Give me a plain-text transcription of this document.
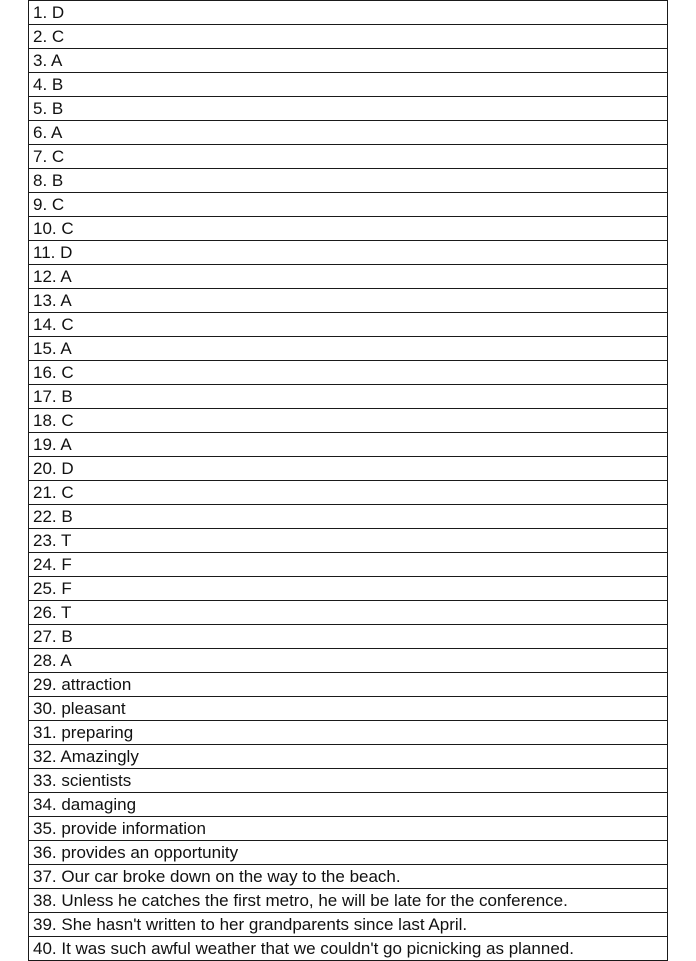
1. D
2. C
3. A
4. B
5. B
6. A
7. C
8. B
9. C
10. C
11. D
12. A
13. A
14. C
15. A
16. C
17. B
18. C
19. A
20. D
21. C
22. B
23. T
24. F
25. F
26. T
27. B
28. A
29. attraction
30. pleasant
31. preparing
32. Amazingly
33. scientists
34. damaging
35. provide information
36. provides an opportunity
37. Our car broke down on the way to the beach.
38. Unless he catches the first metro, he will be late for the conference.
39. She hasn't written to her grandparents since last April.
40. It was such awful weather that we couldn't go picnicking as planned.
